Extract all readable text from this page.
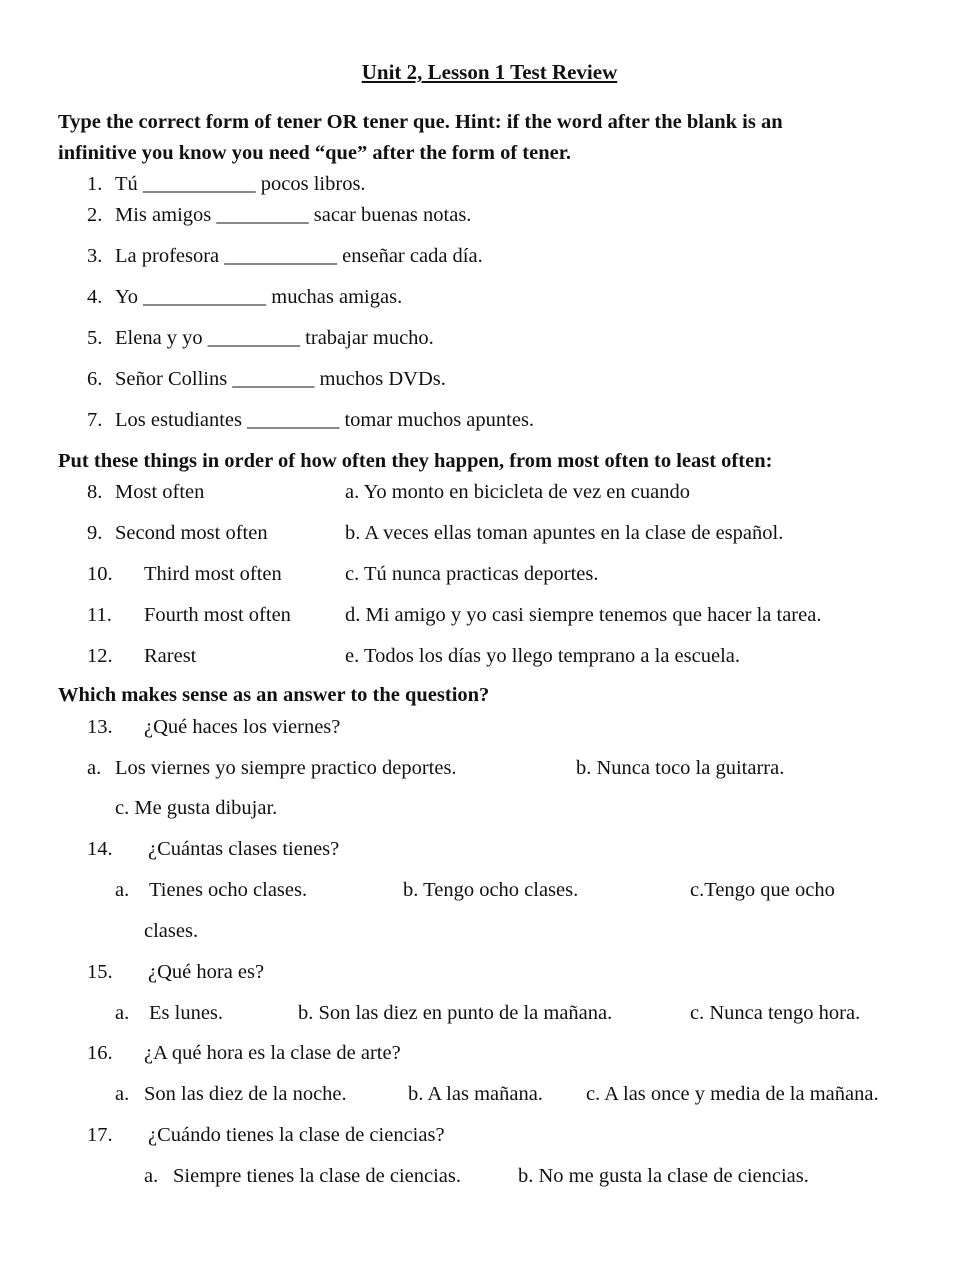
Unit 2, Lesson 1 Test Review
Type the correct form of tener OR tener que. Hint: if the word after the blank is an
infinitive you know you need “que” after the form of tener.
1. Tú ___________ pocos libros.
2. Mis amigos _________ sacar buenas notas.
3. La profesora ___________ enseñar cada día.
4. Yo ____________ muchas amigas.
5. Elena y yo _________ trabajar mucho.
6. Señor Collins ________ muchos DVDs.
7. Los estudiantes _________ tomar muchos apuntes.
Put these things in order of how often they happen, from most often to least often:
8. Most often	a. Yo monto en bicicleta de vez en cuando
9. Second most often	b. A veces ellas toman apuntes en la clase de español.
10. Third most often	c. Tú nunca practicas deportes.
11. Fourth most often	d. Mi amigo y yo casi siempre tenemos que hacer la tarea.
12. Rarest	e. Todos los días yo llego temprano a la escuela.
Which makes sense as an answer to the question?
13. ¿Qué haces los viernes?
a. Los viernes yo siempre practico deportes.	b. Nunca toco la guitarra.
c. Me gusta dibujar.
14. ¿Cuántas clases tienes?
a. Tienes ocho clases.	b. Tengo ocho clases.	c.Tengo que ocho
clases.
15. ¿Qué hora es?
a. Es lunes.	b. Son las diez en punto de la mañana.	c. Nunca tengo hora.
16. ¿A qué hora es la clase de arte?
a. Son las diez de la noche.	b. A las mañana. c. A las once y media de la mañana.
17. ¿Cuándo tienes la clase de ciencias?
a. Siempre tienes la clase de ciencias.	b. No me gusta la clase de ciencias.
